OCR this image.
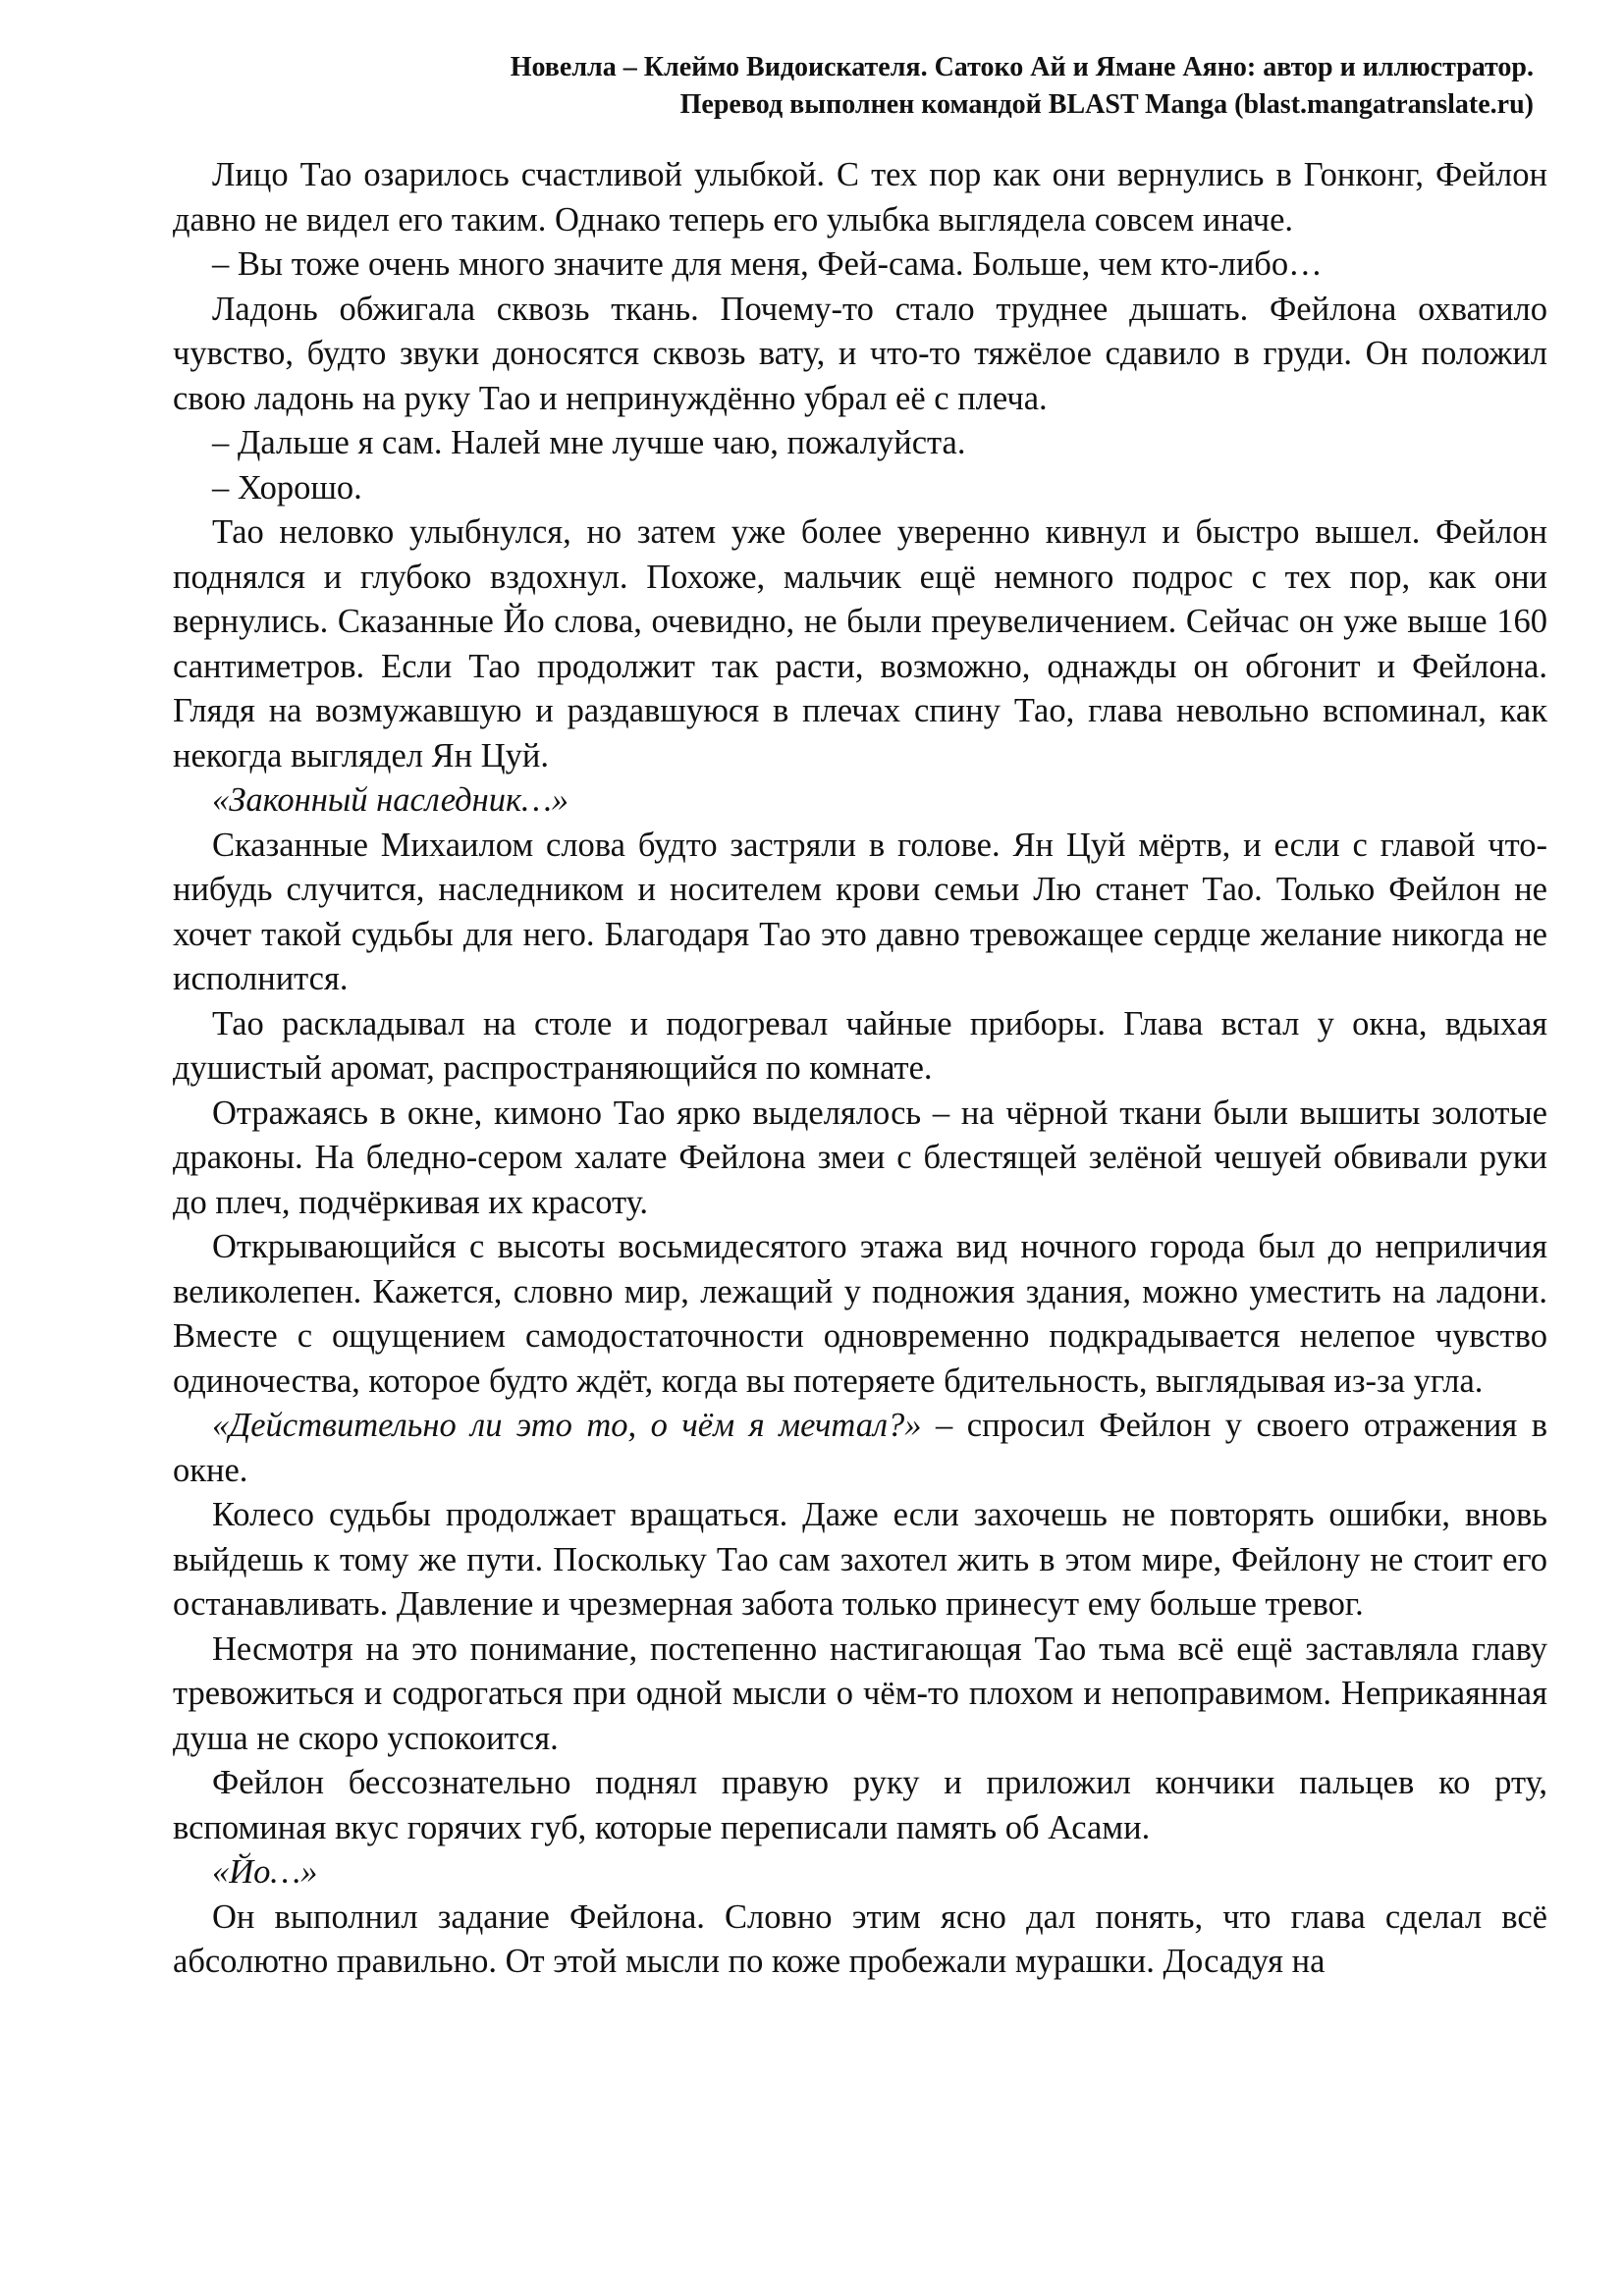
Новелла – Клеймо Видоискателя. Сатоко Ай и Ямане Аяно: автор и иллюстратор.
Перевод выполнен командой BLAST Manga (blast.mangatranslate.ru)

Лицо Тао озарилось счастливой улыбкой. С тех пор как они вернулись в Гонконг, Фейлон давно не видел его таким. Однако теперь его улыбка выглядела совсем иначе.

– Вы тоже очень много значите для меня, Фей-сама. Больше, чем кто-либо…

Ладонь обжигала сквозь ткань. Почему-то стало труднее дышать. Фейлона охватило чувство, будто звуки доносятся сквозь вату, и что-то тяжёлое сдавило в груди. Он положил свою ладонь на руку Тао и непринуждённо убрал её с плеча.

– Дальше я сам. Налей мне лучше чаю, пожалуйста.

– Хорошо.

Тао неловко улыбнулся, но затем уже более уверенно кивнул и быстро вышел. Фейлон поднялся и глубоко вздохнул. Похоже, мальчик ещё немного подрос с тех пор, как они вернулись. Сказанные Йо слова, очевидно, не были преувеличением. Сейчас он уже выше 160 сантиметров. Если Тао продолжит так расти, возможно, однажды он обгонит и Фейлона. Глядя на возмужавшую и раздавшуюся в плечах спину Тао, глава невольно вспоминал, как некогда выглядел Ян Цуй.

«Законный наследник…»

Сказанные Михаилом слова будто застряли в голове. Ян Цуй мёртв, и если с главой что-нибудь случится, наследником и носителем крови семьи Лю станет Тао. Только Фейлон не хочет такой судьбы для него. Благодаря Тао это давно тревожащее сердце желание никогда не исполнится.

Тао раскладывал на столе и подогревал чайные приборы. Глава встал у окна, вдыхая душистый аромат, распространяющийся по комнате.

Отражаясь в окне, кимоно Тао ярко выделялось – на чёрной ткани были вышиты золотые драконы. На бледно-сером халате Фейлона змеи с блестящей зелёной чешуей обвивали руки до плеч, подчёркивая их красоту.

Открывающийся с высоты восьмидесятого этажа вид ночного города был до неприличия великолепен. Кажется, словно мир, лежащий у подножия здания, можно уместить на ладони. Вместе с ощущением самодостаточности одновременно подкрадывается нелепое чувство одиночества, которое будто ждёт, когда вы потеряете бдительность, выглядывая из-за угла.

«Действительно ли это то, о чём я мечтал?» – спросил Фейлон у своего отражения в окне.

Колесо судьбы продолжает вращаться. Даже если захочешь не повторять ошибки, вновь выйдешь к тому же пути. Поскольку Тао сам захотел жить в этом мире, Фейлону не стоит его останавливать. Давление и чрезмерная забота только принесут ему больше тревог.

Несмотря на это понимание, постепенно настигающая Тао тьма всё ещё заставляла главу тревожиться и содрогаться при одной мысли о чём-то плохом и непоправимом. Неприкаянная душа не скоро успокоится.

Фейлон бессознательно поднял правую руку и приложил кончики пальцев ко рту, вспоминая вкус горячих губ, которые переписали память об Асами.

«Йо…»

Он выполнил задание Фейлона. Словно этим ясно дал понять, что глава сделал всё абсолютно правильно. От этой мысли по коже пробежали мурашки. Досадуя на
